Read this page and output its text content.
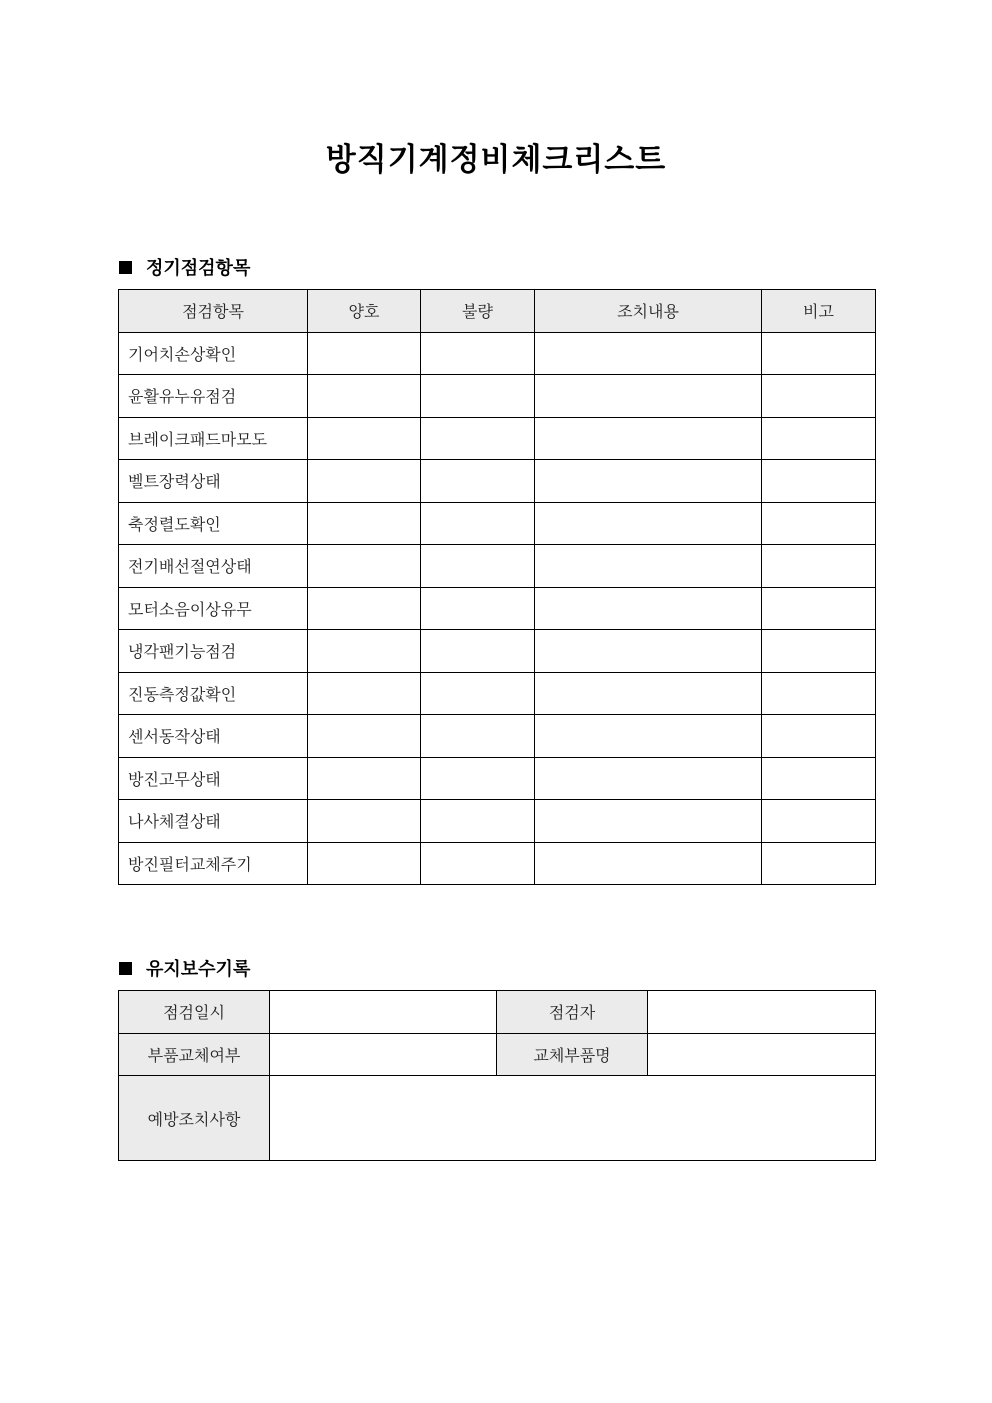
방직기계정비체크리스트
정기점검항목
점검항목	양호	불량	조치내용	비고
기어치손상확인				
윤활유누유점검				
브레이크패드마모도				
벨트장력상태				
축정렬도확인				
전기배선절연상태				
모터소음이상유무				
냉각팬기능점검				
진동측정값확인				
센서동작상태				
방진고무상태				
나사체결상태				
방진필터교체주기				
유지보수기록
점검일시		점검자	
부품교체여부		교체부품명	
예방조치사항			
